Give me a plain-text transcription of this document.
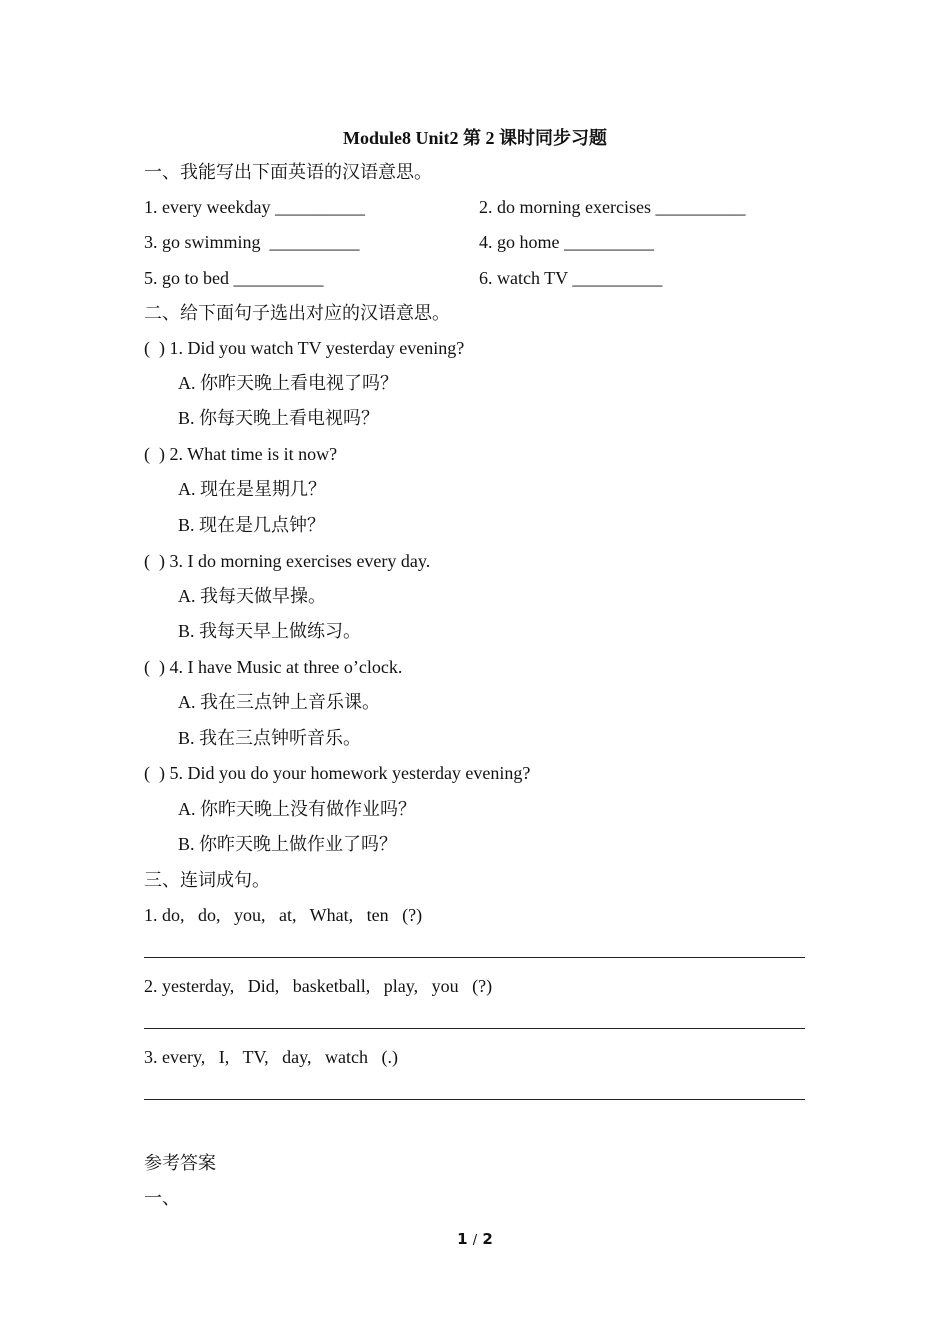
Module8 Unit2 第 2 课时同步习题
一、我能写出下面英语的汉语意思。
1. every weekday __________	2. do morning exercises __________
3. go swimming  __________	4. go home __________
5. go to bed __________	6. watch TV __________
二、给下面句子选出对应的汉语意思。
(  ) 1. Did you watch TV yesterday evening?
A. 你昨天晚上看电视了吗？
B. 你每天晚上看电视吗？
(  ) 2. What time is it now?
A. 现在是星期几？
B. 现在是几点钟？
(  ) 3. I do morning exercises every day.
A. 我每天做早操。
B. 我每天早上做练习。
(  ) 4. I have Music at three o’clock.
A. 我在三点钟上音乐课。
B. 我在三点钟听音乐。
(  ) 5. Did you do your homework yesterday evening?
A. 你昨天晚上没有做作业吗？
B. 你昨天晚上做作业了吗？
三、连词成句。
1. do,   do,   you,   at,   What,   ten   (?)
2. yesterday,   Did,   basketball,   play,   you   (?)
3. every,   I,   TV,   day,   watch   (.)
参考答案
一、
1 / 2
